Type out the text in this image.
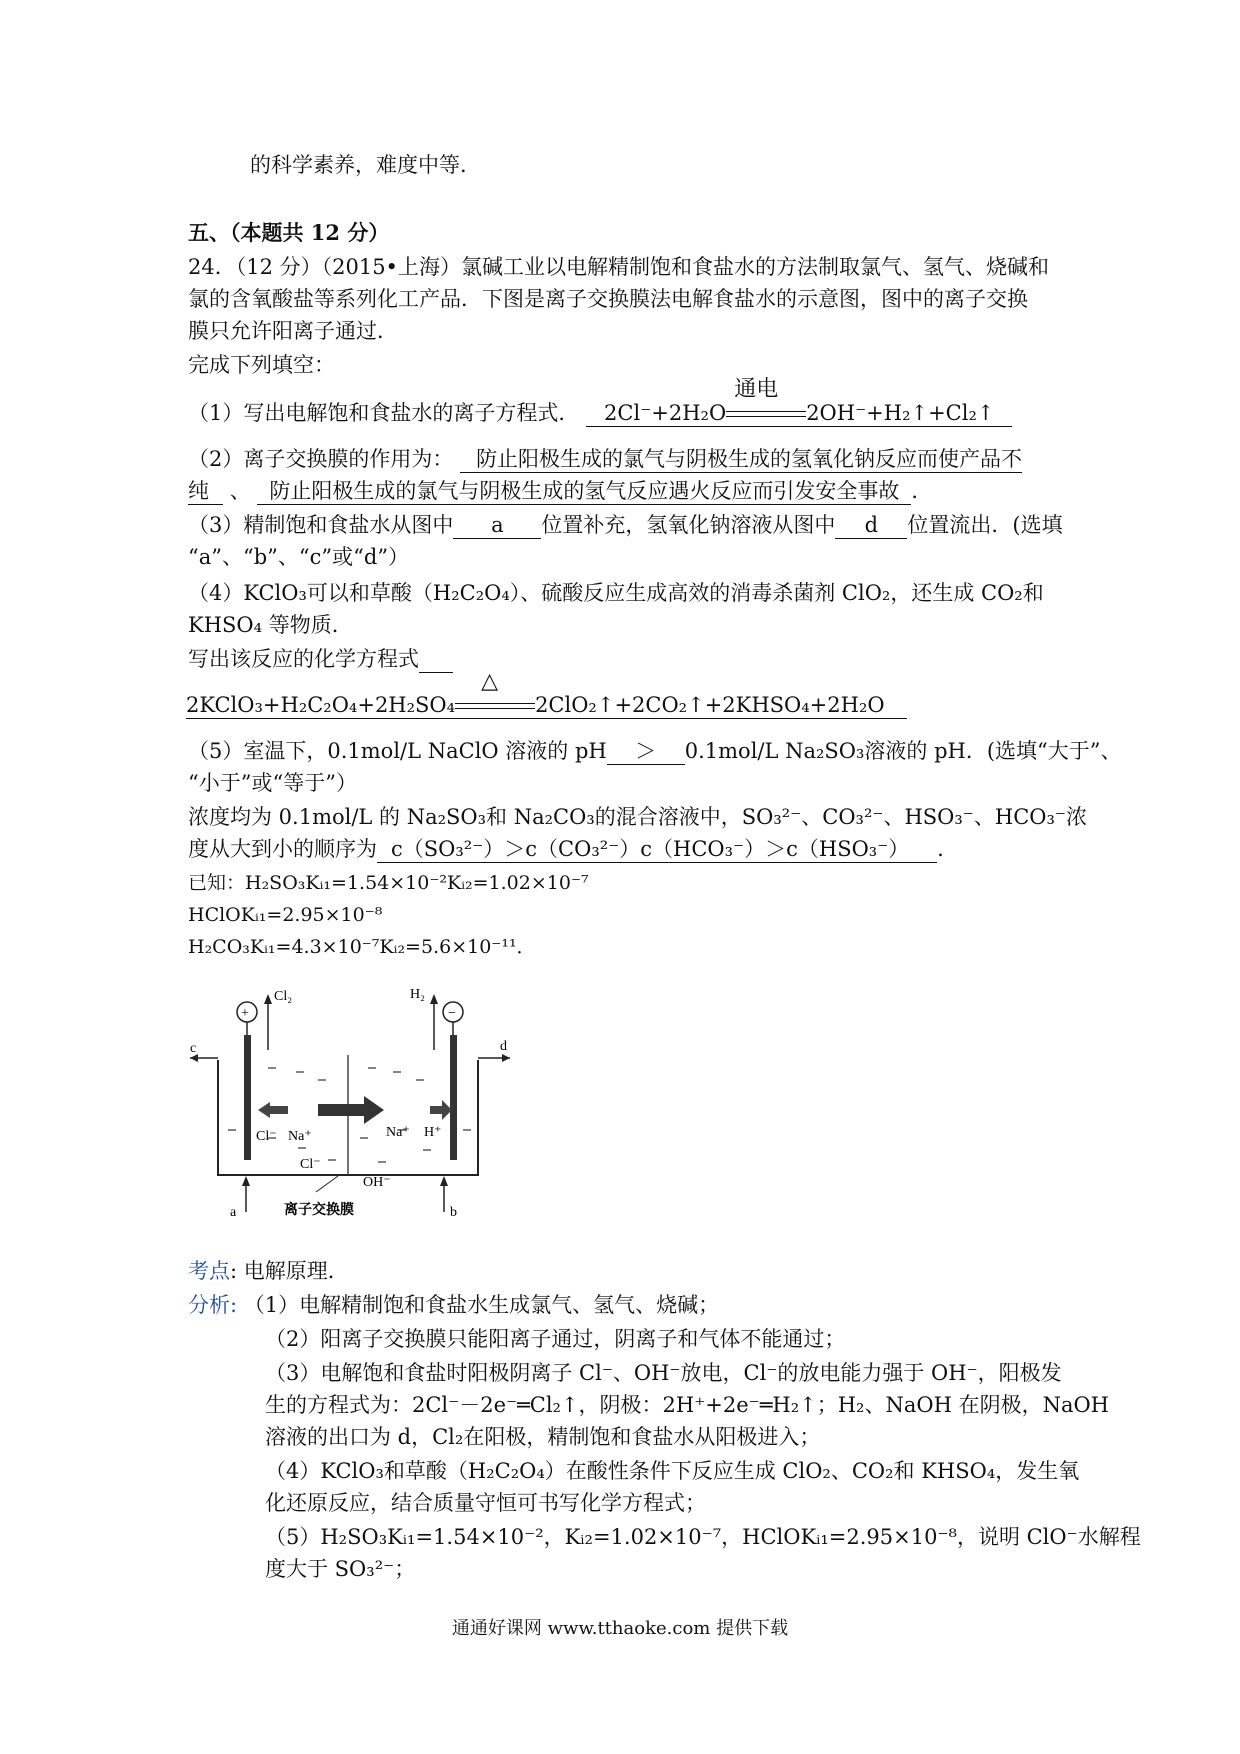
的科学素养，难度中等．
五、（本题共 12 分）
24．（12 分）（2015•上海）氯碱工业以电解精制饱和食盐水的方法制取氯气、氢气、烧碱和
氯的含氧酸盐等系列化工产品．下图是离子交换膜法电解食盐水的示意图，图中的离子交换
膜只允许阳离子通过．
完成下列填空：
（1）写出电解饱和食盐水的离子方程式． 2Cl⁻+2H₂O
通电
2OH⁻+H₂↑+Cl₂↑
（2）离子交换膜的作用为： 防止阳极生成的氯气与阴极生成的氢氧化钠反应而使产品不
纯 、 防止阳极生成的氯气与阴极生成的氢气反应遇火反应而引发安全事故 ．
（3）精制饱和食盐水从图中 a 位置补充，氢氧化钠溶液从图中 d 位置流出．(选填
“a”、“b”、“c”或“d”）
（4）KClO₃可以和草酸（H₂C₂O₄）、硫酸反应生成高效的消毒杀菌剂 ClO₂，还生成 CO₂和
KHSO₄ 等物质．
写出该反应的化学方程式
2KClO₃+H₂C₂O₄+2H₂SO₄
△
2ClO₂↑+2CO₂↑+2KHSO₄+2H₂O
（5）室温下，0.1mol/L NaClO 溶液的 pH ＞ 0.1mol/L Na₂SO₃溶液的 pH．(选填“大于”、
“小于”或“等于”）
浓度均为 0.1mol/L 的 Na₂SO₃和 Na₂CO₃的混合溶液中，SO₃²⁻、CO₃²⁻、HSO₃⁻、HCO₃⁻浓
度从大到小的顺序为 c（SO₃²⁻）＞c（CO₃²⁻）c（HCO₃⁻）＞c（HSO₃⁻） ．
已知：H₂SO₃Kᵢ₁=1.54×10⁻²Kᵢ₂=1.02×10⁻⁷
HClOKᵢ₁=2.95×10⁻⁸
H₂CO₃Kᵢ₁=4.3×10⁻⁷Kᵢ₂=5.6×10⁻¹¹．
+	−
Cl₂	H₂
c	d
a	b
Cl⁻ Na⁺	Na⁺ H⁺
Cl⁻
OH⁻
离子交换膜
考点: 电解原理．
分析: （1）电解精制饱和食盐水生成氯气、氢气、烧碱；
（2）阳离子交换膜只能阳离子通过，阴离子和气体不能通过；
（3）电解饱和食盐时阳极阴离子 Cl⁻、OH⁻放电，Cl⁻的放电能力强于 OH⁻，阳极发
生的方程式为：2Cl⁻－2e⁻═Cl₂↑，阴极：2H⁺+2e⁻═H₂↑；H₂、NaOH 在阴极，NaOH
溶液的出口为 d，Cl₂在阳极，精制饱和食盐水从阳极进入；
（4）KClO₃和草酸（H₂C₂O₄）在酸性条件下反应生成 ClO₂、CO₂和 KHSO₄，发生氧
化还原反应，结合质量守恒可书写化学方程式；
（5）H₂SO₃Kᵢ₁=1.54×10⁻²，Kᵢ₂=1.02×10⁻⁷，HClOKᵢ₁=2.95×10⁻⁸，说明 ClO⁻水解程
度大于 SO₃²⁻；
通通好课网 www.tthaoke.com 提供下载
